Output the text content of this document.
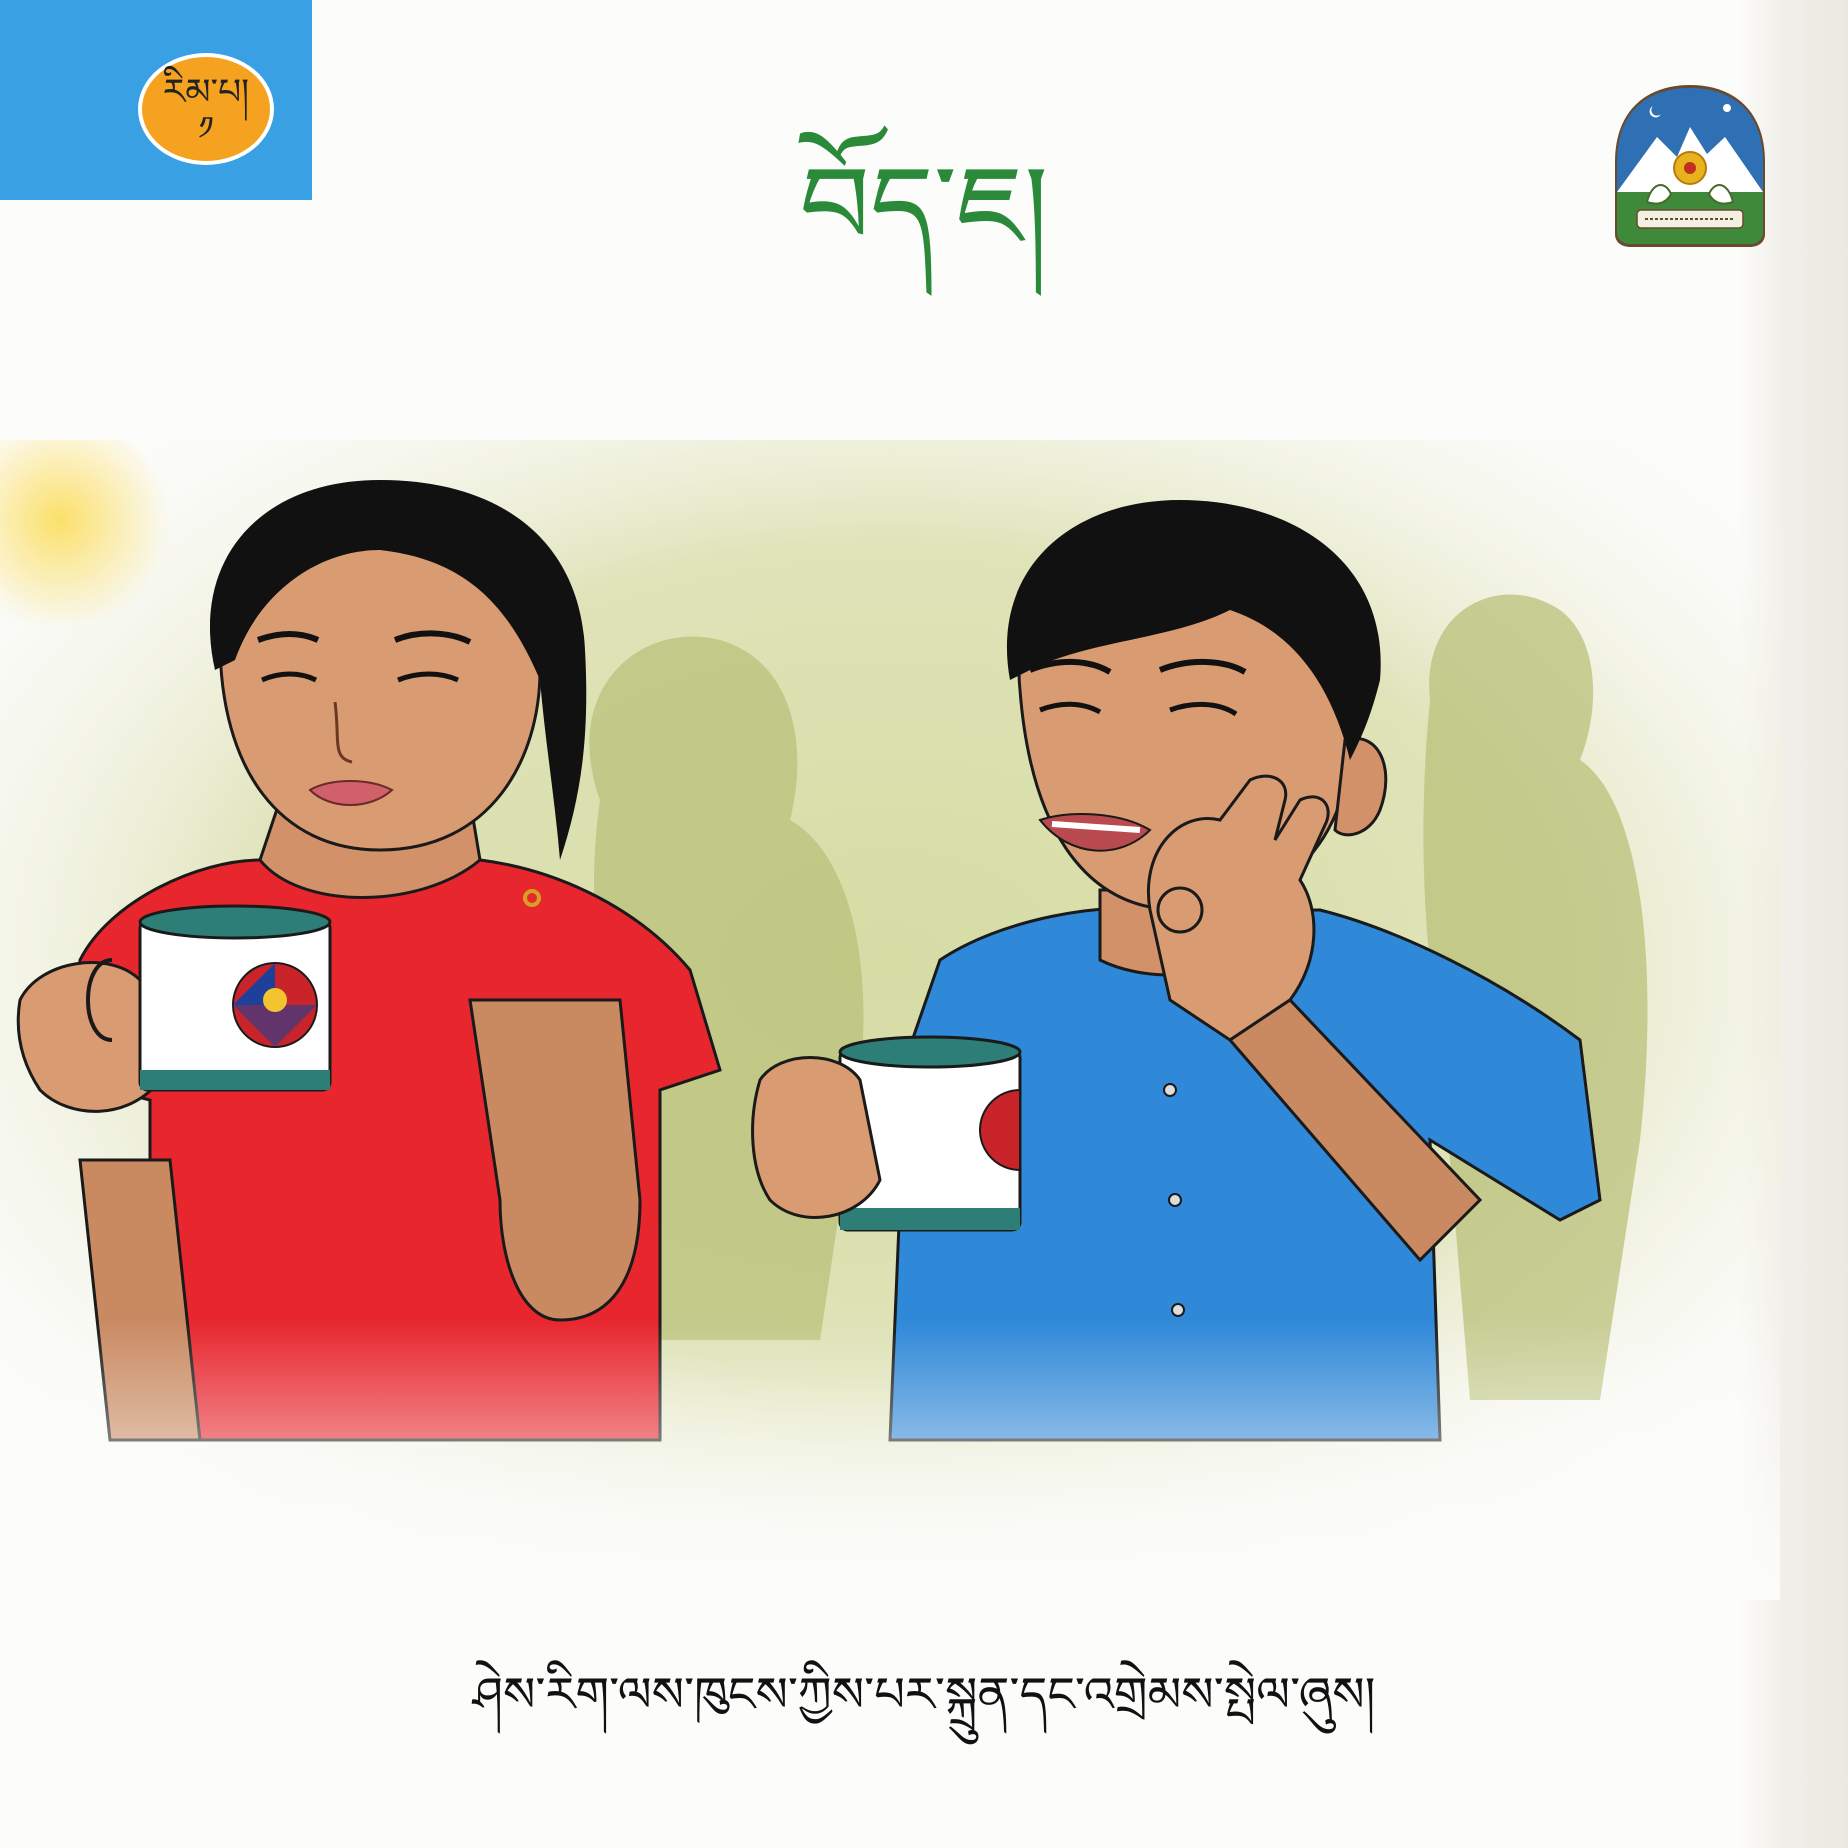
རིམ་པ།
༡
བོད་ཇ།
ཤེས་རིག་ལས་ཁུངས་ཀྱིས་པར་སྐྲུན་དང་འགྲེམས་སྤེལ་ཞུས།
